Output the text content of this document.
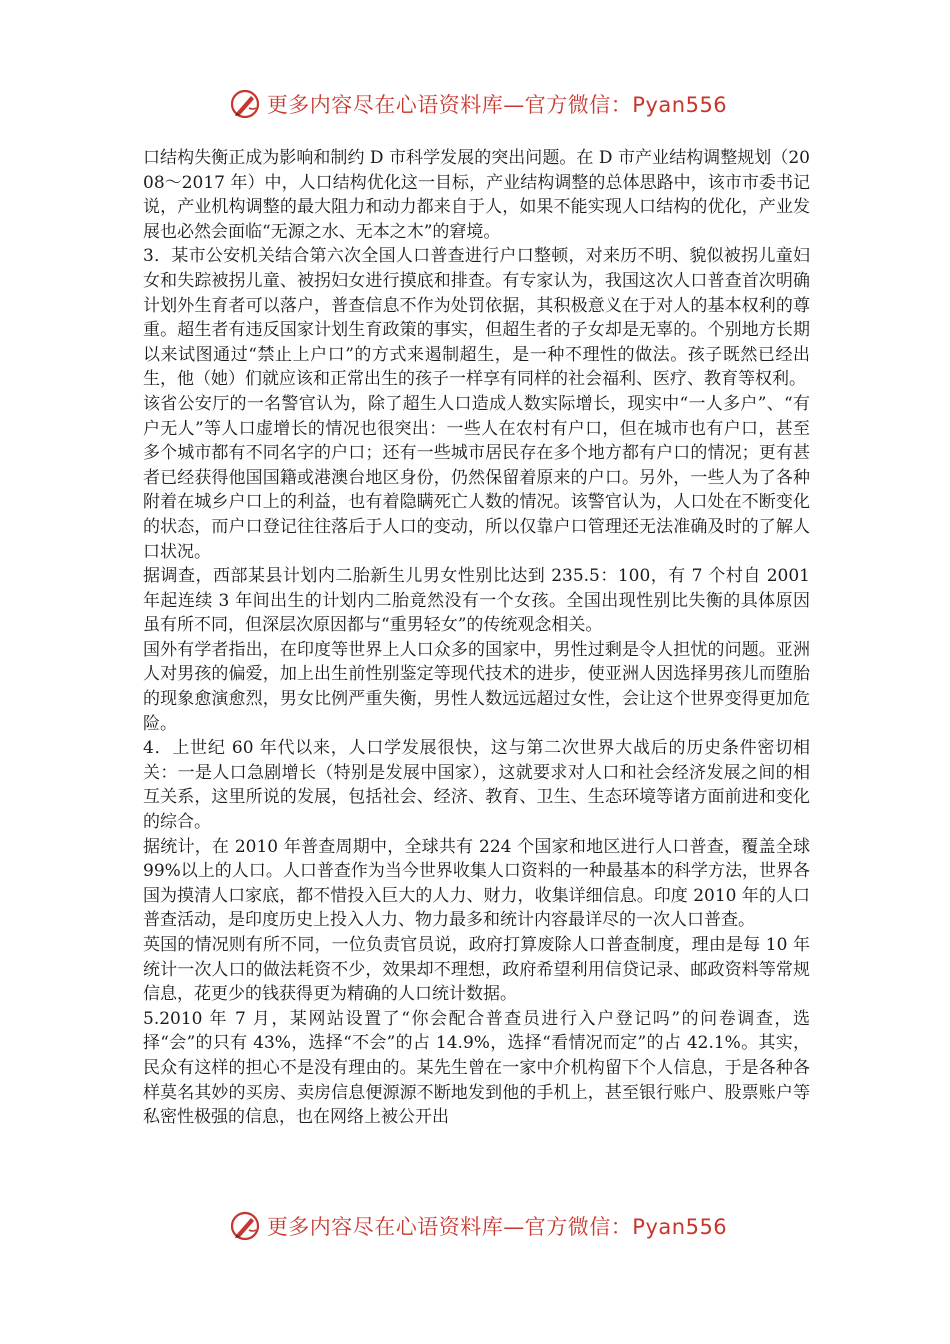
更多内容尽在心语资料库—官方微信：Pyan556

口结构失衡正成为影响和制约 D 市科学发展的突出问题。在 D 市产业结构调整规划（2008～2017 年）中，人口结构优化这一目标，产业结构调整的总体思路中，该市市委书记说，产业机构调整的最大阻力和动力都来自于人，如果不能实现人口结构的优化，产业发展也必然会面临“无源之水、无本之木”的窘境。

3．某市公安机关结合第六次全国人口普查进行户口整顿，对来历不明、貌似被拐儿童妇女和失踪被拐儿童、被拐妇女进行摸底和排查。有专家认为，我国这次人口普查首次明确计划外生育者可以落户，普查信息不作为处罚依据，其积极意义在于对人的基本权利的尊重。超生者有违反国家计划生育政策的事实，但超生者的子女却是无辜的。个别地方长期以来试图通过“禁止上户口”的方式来遏制超生，是一种不理性的做法。孩子既然已经出生，他（她）们就应该和正常出生的孩子一样享有同样的社会福利、医疗、教育等权利。

该省公安厅的一名警官认为，除了超生人口造成人数实际增长，现实中“一人多户”、“有户无人”等人口虚增长的情况也很突出：一些人在农村有户口，但在城市也有户口，甚至多个城市都有不同名字的户口；还有一些城市居民存在多个地方都有户口的情况；更有甚者已经获得他国国籍或港澳台地区身份，仍然保留着原来的户口。另外，一些人为了各种附着在城乡户口上的利益，也有着隐瞒死亡人数的情况。该警官认为，人口处在不断变化的状态，而户口登记往往落后于人口的变动，所以仅靠户口管理还无法准确及时的了解人口状况。

据调查，西部某县计划内二胎新生儿男女性别比达到 235.5：100，有 7 个村自 2001 年起连续 3 年间出生的计划内二胎竟然没有一个女孩。全国出现性别比失衡的具体原因虽有所不同，但深层次原因都与“重男轻女”的传统观念相关。

国外有学者指出，在印度等世界上人口众多的国家中，男性过剩是令人担忧的问题。亚洲人对男孩的偏爱，加上出生前性别鉴定等现代技术的进步，使亚洲人因选择男孩儿而堕胎的现象愈演愈烈，男女比例严重失衡，男性人数远远超过女性，会让这个世界变得更加危险。

4．上世纪 60 年代以来，人口学发展很快，这与第二次世界大战后的历史条件密切相关：一是人口急剧增长（特别是发展中国家），这就要求对人口和社会经济发展之间的相互关系，这里所说的发展，包括社会、经济、教育、卫生、生态环境等诸方面前进和变化的综合。

据统计，在 2010 年普查周期中，全球共有 224 个国家和地区进行人口普查，覆盖全球 99%以上的人口。人口普查作为当今世界收集人口资料的一种最基本的科学方法，世界各国为摸清人口家底，都不惜投入巨大的人力、财力，收集详细信息。印度 2010 年的人口普查活动，是印度历史上投入人力、物力最多和统计内容最详尽的一次人口普查。

英国的情况则有所不同，一位负责官员说，政府打算废除人口普查制度，理由是每 10 年统计一次人口的做法耗资不少，效果却不理想，政府希望利用信贷记录、邮政资料等常规信息，花更少的钱获得更为精确的人口统计数据。

5.2010 年 7 月，某网站设置了“你会配合普查员进行入户登记吗”的问卷调查，选择“会”的只有 43%，选择“不会”的占 14.9%，选择“看情况而定”的占 42.1%。其实，民众有这样的担心不是没有理由的。某先生曾在一家中介机构留下个人信息，于是各种各样莫名其妙的买房、卖房信息便源源不断地发到他的手机上，甚至银行账户、股票账户等私密性极强的信息，也在网络上被公开出

更多内容尽在心语资料库—官方微信：Pyan556
